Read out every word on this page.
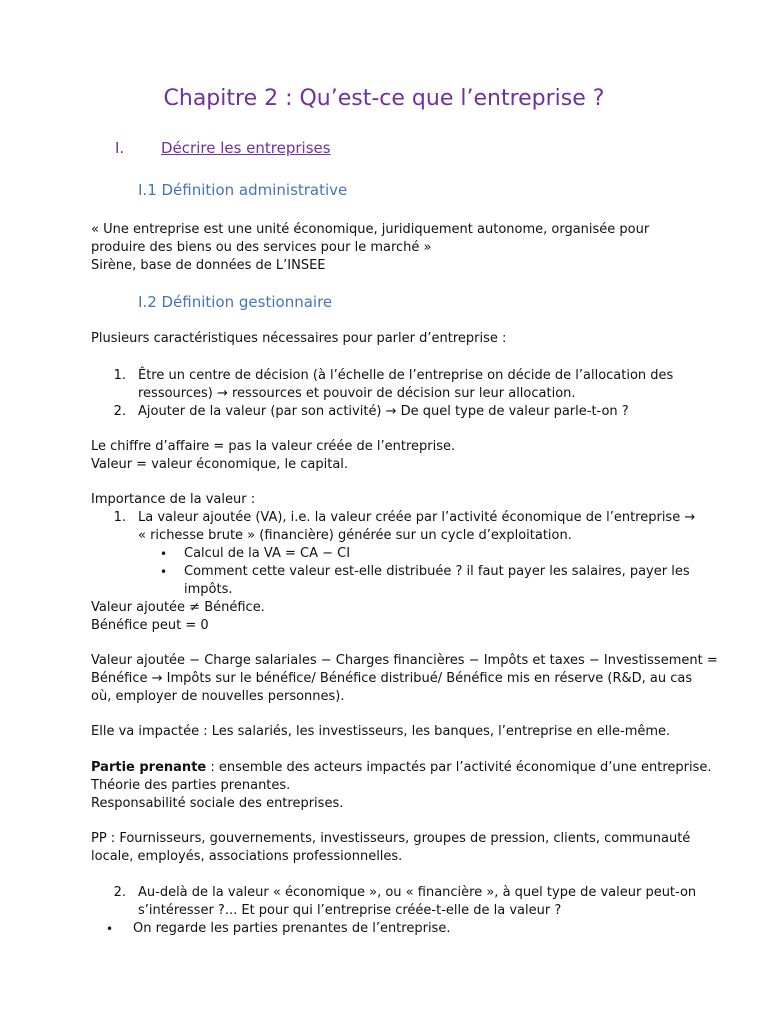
Chapitre 2 : Qu’est-ce que l’entreprise ?
I. Décrire les entreprises
I.1 Définition administrative

« Une entreprise est une unité économique, juridiquement autonome, organisée pour

produire des biens ou des services pour le marché »

Sirène, base de données de L’INSEE

I.2 Définition gestionnaire

Plusieurs caractéristiques nécessaires pour parler d’entreprise :

1. Être un centre de décision (à l’échelle de l’entreprise on décide de l’allocation des

ressources) → ressources et pouvoir de décision sur leur allocation.

2. Ajouter de la valeur (par son activité) → De quel type de valeur parle-t-on ?

Le chiffre d’affaire = pas la valeur créée de l’entreprise.

Valeur = valeur économique, le capital.

Importance de la valeur :

1. La valeur ajoutée (VA), i.e. la valeur créée par l’activité économique de l’entreprise →

« richesse brute » (financière) générée sur un cycle d’exploitation.

• Calcul de la VA = CA − CI

• Comment cette valeur est-elle distribuée ? il faut payer les salaires, payer les

impôts.

Valeur ajoutée ≠ Bénéfice.

Bénéfice peut = 0

Valeur ajoutée − Charge salariales − Charges financières − Impôts et taxes − Investissement =

Bénéfice → Impôts sur le bénéfice/ Bénéfice distribué/ Bénéfice mis en réserve (R&D, au cas

où, employer de nouvelles personnes).

Elle va impactée : Les salariés, les investisseurs, les banques, l’entreprise en elle-même.

Partie prenante : ensemble des acteurs impactés par l’activité économique d’une entreprise.

Théorie des parties prenantes.

Responsabilité sociale des entreprises.

PP : Fournisseurs, gouvernements, investisseurs, groupes de pression, clients, communauté

locale, employés, associations professionnelles.

2. Au-delà de la valeur « économique », ou « financière », à quel type de valeur peut-on

s’intéresser ?... Et pour qui l’entreprise créée-t-elle de la valeur ?

• On regarde les parties prenantes de l’entreprise.
